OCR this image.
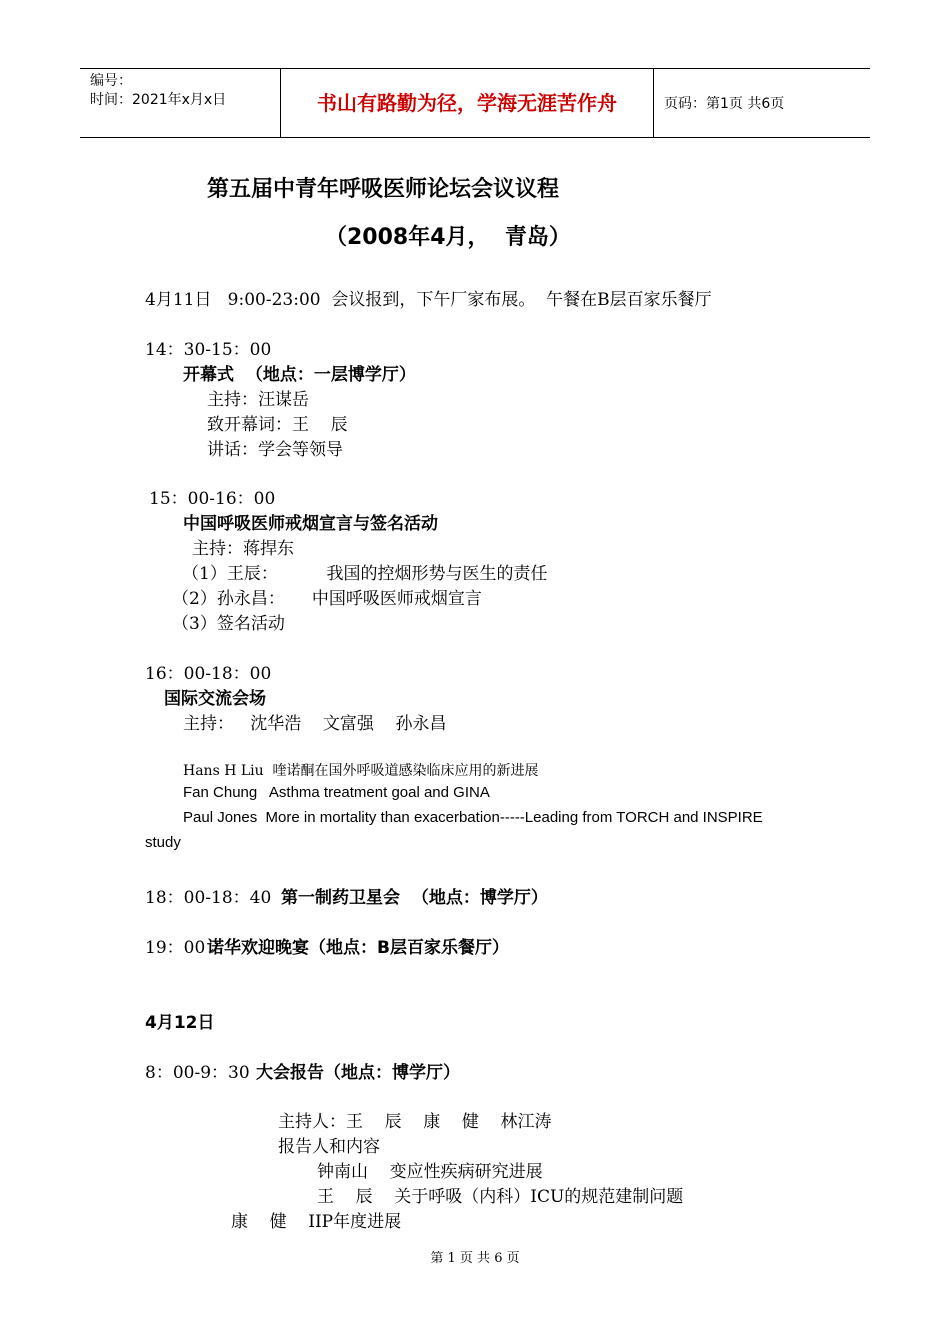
编号：
时间：2021年x月x日	书山有路勤为径，学海无涯苦作舟	页码：第1页 共6页
第五届中青年呼吸医师论坛会议议程
（2008年4月，  青岛）
4月11日   9:00-23:00  会议报到，下午厂家布展。  午餐在B层百家乐餐厅
14：30-15：00
开幕式  （地点：一层博学厅）
主持：汪谋岳
致开幕词：王    辰
讲话：学会等领导
15：00-16：00
中国呼吸医师戒烟宣言与签名活动
主持：蒋捍东
（1）王辰：         我国的控烟形势与医生的责任
（2）孙永昌：     中国呼吸医师戒烟宣言
（3）签名活动
16：00-18：00
国际交流会场
主持：   沈华浩    文富强    孙永昌
Hans H Liu  喹诺酮在国外呼吸道感染临床应用的新进展
Fan Chung   Asthma treatment goal and GINA
Paul Jones  More in mortality than exacerbation-----Leading from TORCH and INSPIRE
study
18：00-18：40 第一制药卫星会  （地点：博学厅）
19：00 诺华欢迎晚宴（地点：B层百家乐餐厅）
4月12日
8：00-9：30 大会报告（地点：博学厅）
主持人：王    辰    康    健    林江涛
报告人和内容
钟南山    变应性疾病研究进展
王    辰    关于呼吸（内科）ICU的规范建制问题
康    健    IIP年度进展
第 1 页 共 6 页
